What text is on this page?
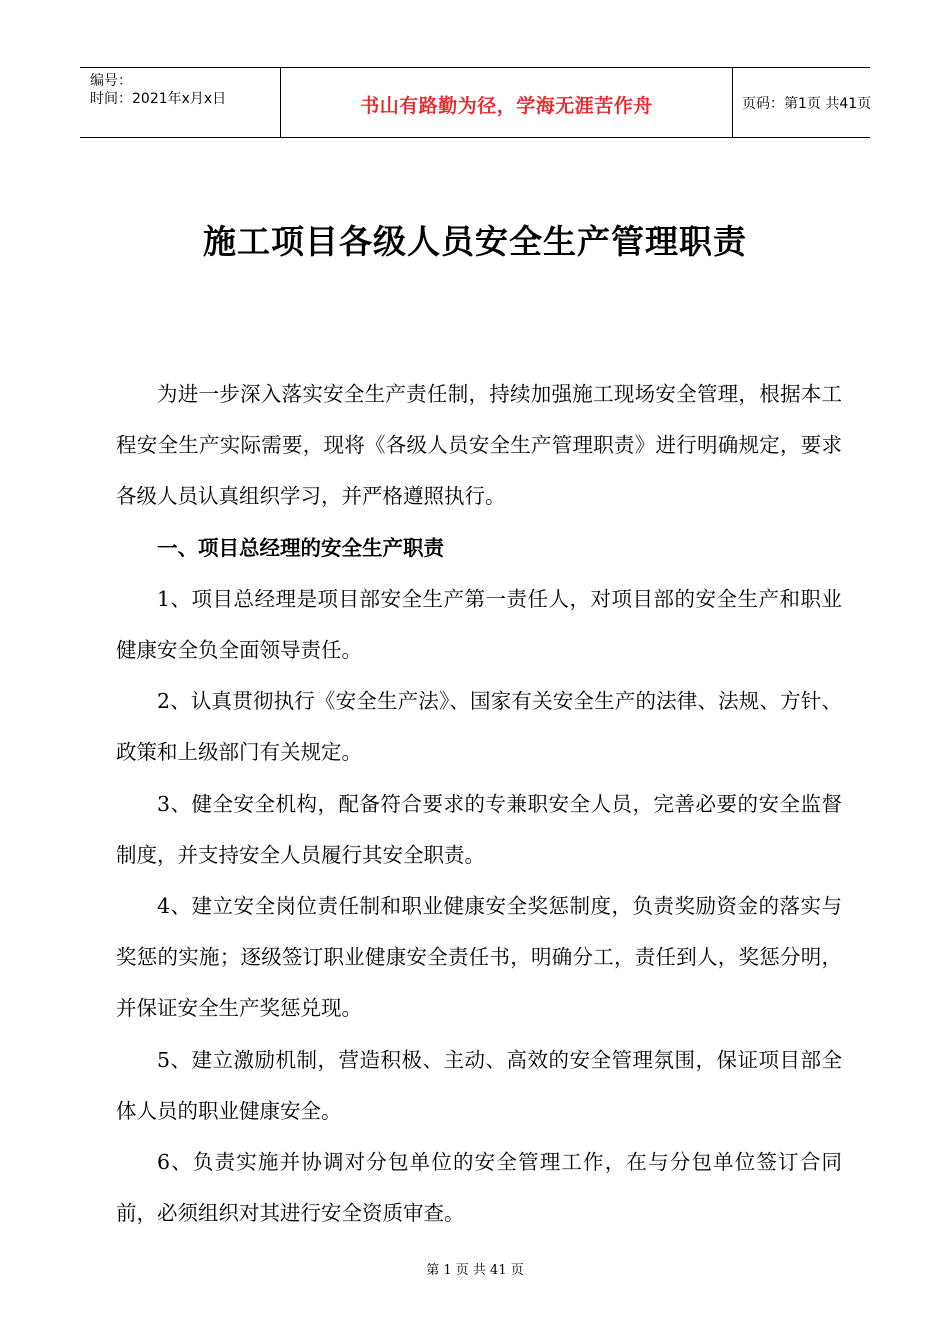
编号：
时间：2021年x月x日	书山有路勤为径，学海无涯苦作舟	页码：第1页 共41页
施工项目各级人员安全生产管理职责

为进一步深入落实安全生产责任制，持续加强施工现场安全管理，根据本工程安全生产实际需要，现将《各级人员安全生产管理职责》进行明确规定，要求各级人员认真组织学习，并严格遵照执行。

一、项目总经理的安全生产职责

1、项目总经理是项目部安全生产第一责任人，对项目部的安全生产和职业健康安全负全面领导责任。

2、认真贯彻执行《安全生产法》、国家有关安全生产的法律、法规、方针、政策和上级部门有关规定。

3、健全安全机构，配备符合要求的专兼职安全人员，完善必要的安全监督制度，并支持安全人员履行其安全职责。

4、建立安全岗位责任制和职业健康安全奖惩制度，负责奖励资金的落实与奖惩的实施；逐级签订职业健康安全责任书，明确分工，责任到人，奖惩分明，并保证安全生产奖惩兑现。

5、建立激励机制，营造积极、主动、高效的安全管理氛围，保证项目部全体人员的职业健康安全。

6、负责实施并协调对分包单位的安全管理工作，在与分包单位签订合同前，必须组织对其进行安全资质审查。

第 1 页 共 41 页
